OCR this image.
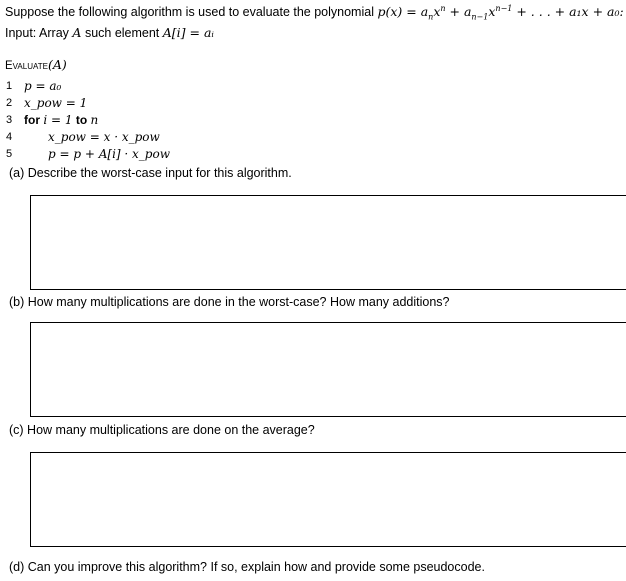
Suppose the following algorithm is used to evaluate the polynomial $p(x) = a_nx^n + a_{n-1}x^{n-1}$ + . . . + a₁x + a₀:
Input: Array A such element A[i] = aᵢ
Evaluate(A)
1 p = a₀
2 x_pow = 1
3 for i = 1 to n
4	x_pow = x · x_pow
5	p = p + A[i] · x_pow
(a) Describe the worst-case input for this algorithm.
(b) How many multiplications are done in the worst-case? How many additions?
(c) How many multiplications are done on the average?
(d) Can you improve this algorithm? If so, explain how and provide some pseudocode.
